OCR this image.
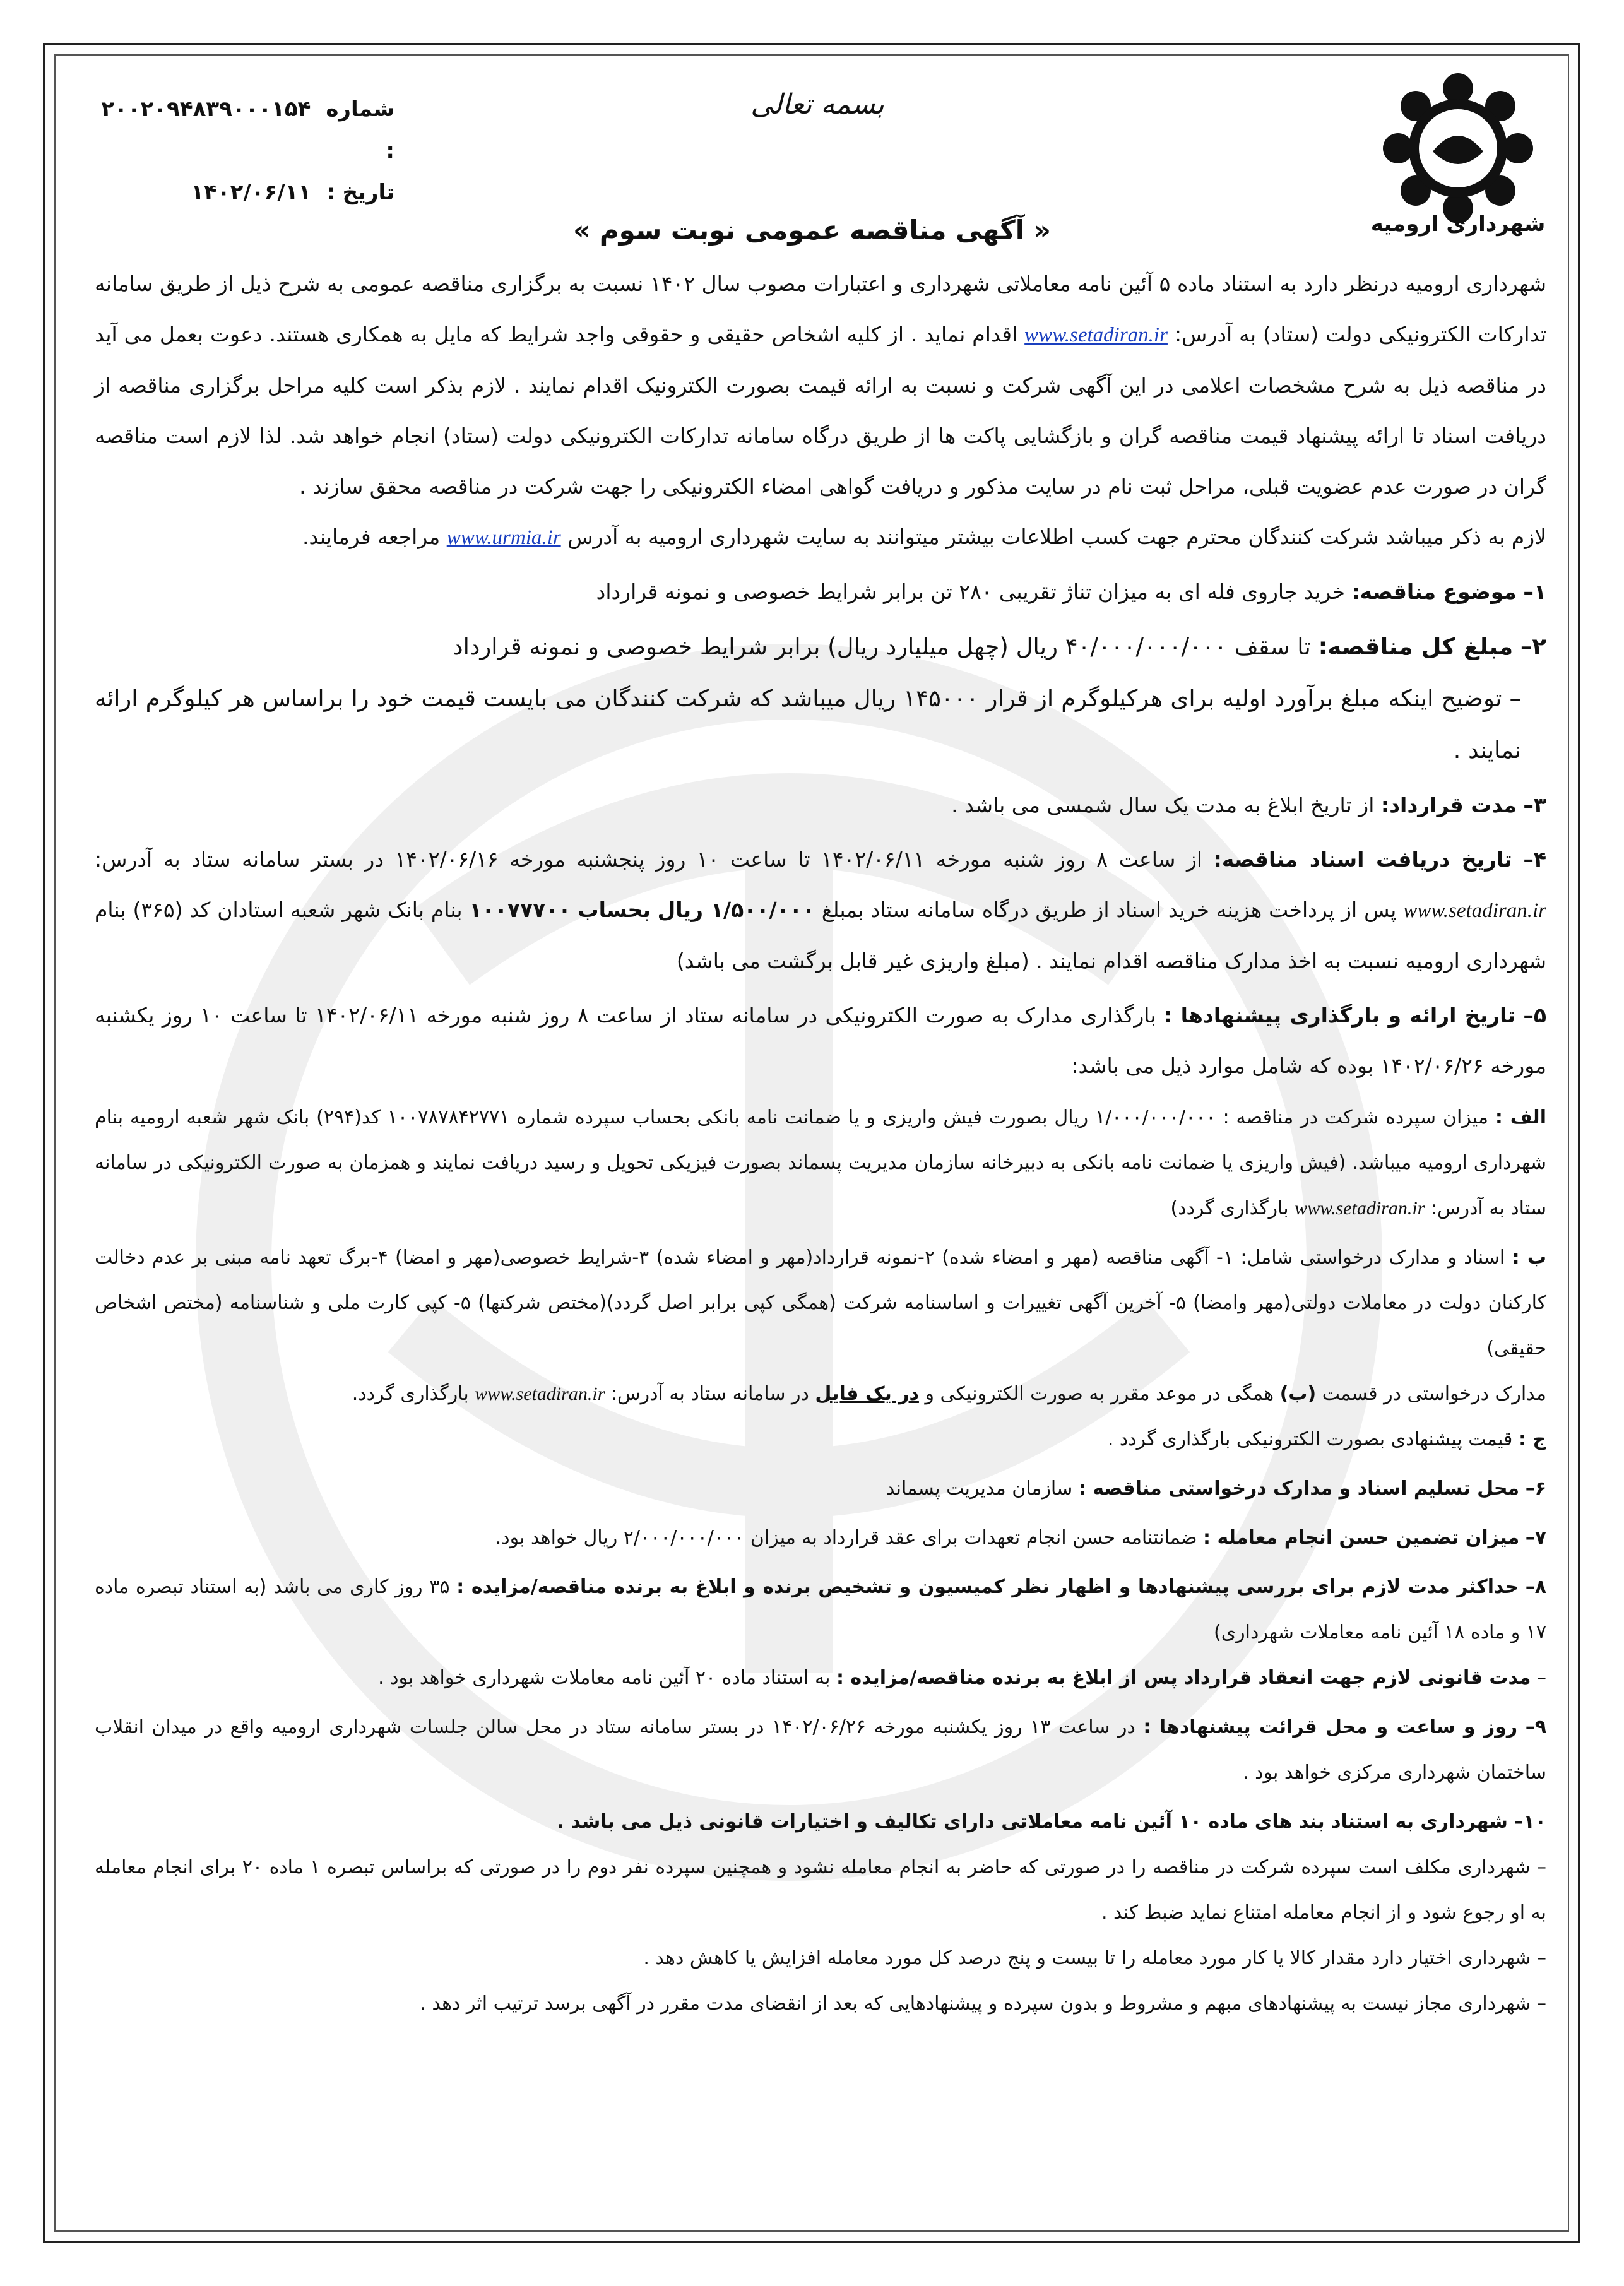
شهرداری ارومیه
بسمه تعالی
شماره :
۲۰۰۲۰۹۴۸۳۹۰۰۰۱۵۴
تاریخ :
۱۴۰۲/۰۶/۱۱
« آگهی مناقصه عمومی نوبت سوم »

شهرداری ارومیه درنظر دارد به استناد ماده ۵ آئین نامه معاملاتی شهرداری و اعتبارات مصوب سال ۱۴۰۲ نسبت به برگزاری مناقصه عمومی به شرح ذیل از طریق سامانه تدارکات الکترونیکی دولت (ستاد) به آدرس: www.setadiran.ir اقدام نماید . از کلیه اشخاص حقیقی و حقوقی واجد شرایط که مایل به همکاری هستند. دعوت بعمل می آید در مناقصه ذیل به شرح مشخصات اعلامی در این آگهی شرکت و نسبت به ارائه قیمت بصورت الکترونیک اقدام نمایند . لازم بذکر است کلیه مراحل برگزاری مناقصه از دریافت اسناد تا ارائه پیشنهاد قیمت مناقصه گران و بازگشایی پاکت ها از طریق درگاه سامانه تدارکات الکترونیکی دولت (ستاد) انجام خواهد شد. لذا لازم است مناقصه گران در صورت عدم عضویت قبلی، مراحل ثبت نام در سایت مذکور و دریافت گواهی امضاء الکترونیکی را جهت شرکت در مناقصه محقق سازند .

لازم به ذکر میباشد شرکت کنندگان محترم جهت کسب اطلاعات بیشتر میتوانند به سایت شهرداری ارومیه به آدرس www.urmia.ir مراجعه فرمایند.

۱– موضوع مناقصه: خرید جاروی فله ای به میزان تناژ تقریبی ۲۸۰ تن برابر شرایط خصوصی و نمونه قرارداد

۲– مبلغ کل مناقصه: تا سقف ۴۰/۰۰۰/۰۰۰/۰۰۰ ریال (چهل میلیارد ریال) برابر شرایط خصوصی و نمونه قرارداد

– توضیح اینکه مبلغ برآورد اولیه برای هرکیلوگرم از قرار ۱۴۵۰۰۰ ریال میباشد که شرکت کنندگان می بایست قیمت خود را براساس هر کیلوگرم ارائه نمایند .

۳– مدت قرارداد: از تاریخ ابلاغ به مدت یک سال شمسی می باشد .

۴– تاریخ دریافت اسناد مناقصه: از ساعت ۸ روز شنبه مورخه ۱۴۰۲/۰۶/۱۱ تا ساعت ۱۰ روز پنجشنبه مورخه ۱۴۰۲/۰۶/۱۶ در بستر سامانه ستاد به آدرس: www.setadiran.ir پس از پرداخت هزینه خرید اسناد از طریق درگاه سامانه ستاد بمبلغ ۱/۵۰۰/۰۰۰ ریال بحساب ۱۰۰۷۷۷۰۰ بنام بانک شهر شعبه استادان کد (۳۶۵) بنام شهرداری ارومیه نسبت به اخذ مدارک مناقصه اقدام نمایند . (مبلغ واریزی غیر قابل برگشت می باشد)

۵– تاریخ ارائه و بارگذاری پیشنهادها : بارگذاری مدارک به صورت الکترونیکی در سامانه ستاد از ساعت ۸ روز شنبه مورخه ۱۴۰۲/۰۶/۱۱ تا ساعت ۱۰ روز یکشنبه مورخه ۱۴۰۲/۰۶/۲۶ بوده که شامل موارد ذیل می باشد:

الف : میزان سپرده شرکت در مناقصه : ۱/۰۰۰/۰۰۰/۰۰۰ ریال بصورت فیش واریزی و یا ضمانت نامه بانکی بحساب سپرده شماره ۱۰۰۷۸۷۸۴۲۷۷۱ کد(۲۹۴) بانک شهر شعبه ارومیه بنام شهرداری ارومیه میباشد. (فیش واریزی یا ضمانت نامه بانکی به دبیرخانه سازمان مدیریت پسماند بصورت فیزیکی تحویل و رسید دریافت نمایند و همزمان به صورت الکترونیکی در سامانه ستاد به آدرس: www.setadiran.ir بارگذاری گردد)

ب : اسناد و مدارک درخواستی شامل: ۱- آگهی مناقصه (مهر و امضاء شده) ۲-نمونه قرارداد(مهر و امضاء شده) ۳-شرایط خصوصی(مهر و امضا) ۴-برگ تعهد نامه مبنی بر عدم دخالت کارکنان دولت در معاملات دولتی(مهر وامضا) ۵- آخرین آگهی تغییرات و اساسنامه شرکت (همگی کپی برابر اصل گردد)(مختص شرکتها) ۵- کپی کارت ملی و شناسنامه (مختص اشخاص حقیقی)

مدارک درخواستی در قسمت (ب) همگی در موعد مقرر به صورت الکترونیکی و در یک فایل در سامانه ستاد به آدرس: www.setadiran.ir بارگذاری گردد.

ج : قیمت پیشنهادی بصورت الکترونیکی بارگذاری گردد .

۶– محل تسلیم اسناد و مدارک درخواستی مناقصه : سازمان مدیریت پسماند

۷– میزان تضمین حسن انجام معامله : ضمانتنامه حسن انجام تعهدات برای عقد قرارداد به میزان ۲/۰۰۰/۰۰۰/۰۰۰ ریال خواهد بود.

۸– حداکثر مدت لازم برای بررسی پیشنهادها و اظهار نظر کمیسیون و تشخیص برنده و ابلاغ به برنده مناقصه/مزایده : ۳۵ روز کاری می باشد (به استناد تبصره ماده ۱۷ و ماده ۱۸ آئین نامه معاملات شهرداری)

– مدت قانونی لازم جهت انعقاد قرارداد پس از ابلاغ به برنده مناقصه/مزایده : به استناد ماده ۲۰ آئین نامه معاملات شهرداری خواهد بود .

۹– روز و ساعت و محل قرائت پیشنهادها : در ساعت ۱۳ روز یکشنبه مورخه ۱۴۰۲/۰۶/۲۶ در بستر سامانه ستاد در محل سالن جلسات شهرداری ارومیه واقع در میدان انقلاب ساختمان شهرداری مرکزی خواهد بود .

۱۰– شهرداری به استناد بند های ماده ۱۰ آئین نامه معاملاتی دارای تکالیف و اختیارات قانونی ذیل می باشد .

– شهرداری مکلف است سپرده شرکت در مناقصه را در صورتی که حاضر به انجام معامله نشود و همچنین سپرده نفر دوم را در صورتی که براساس تبصره ۱ ماده ۲۰ برای انجام معامله به او رجوع شود و از انجام معامله امتناع نماید ضبط کند .

– شهرداری اختیار دارد مقدار کالا یا کار مورد معامله را تا بیست و پنج درصد کل مورد معامله افزایش یا کاهش دهد .

– شهرداری مجاز نیست به پیشنهادهای مبهم و مشروط و بدون سپرده و پیشنهادهایی که بعد از انقضای مدت مقرر در آگهی برسد ترتیب اثر دهد .
